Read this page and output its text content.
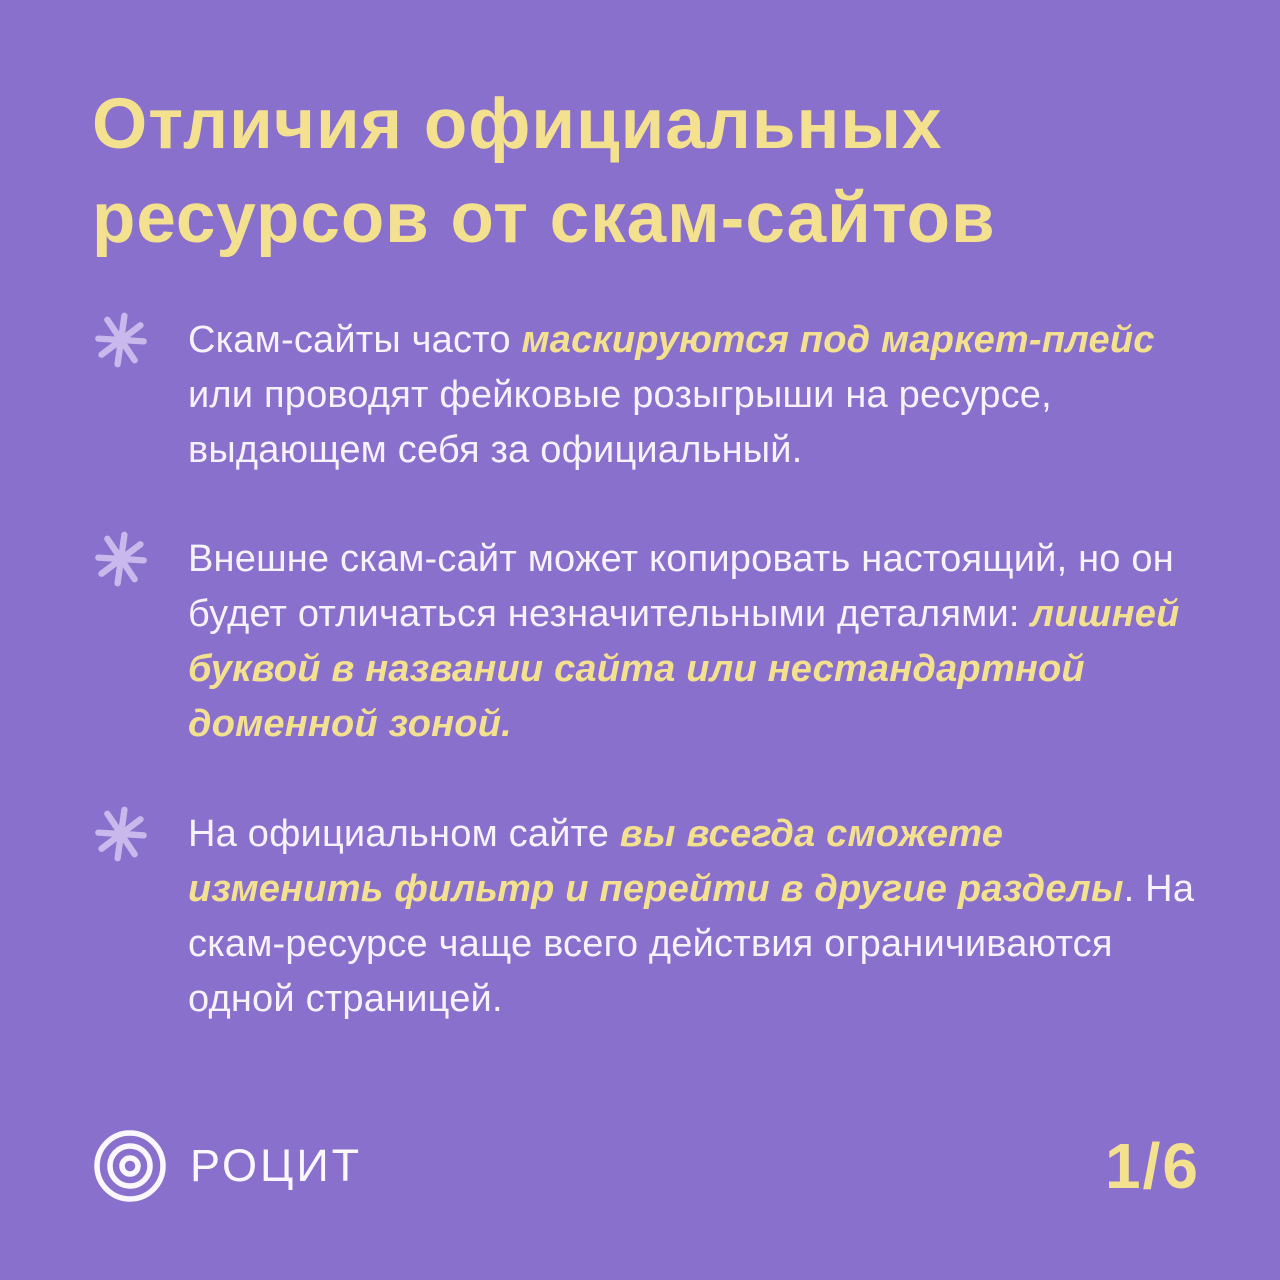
Отличия официальных
ресурсов от скам-сайтов

Скам-сайты часто маскируются под маркет-плейс или проводят фейковые розыгрыши на ресурсе, выдающем себя за официальный.

Внешне скам-сайт может копировать настоящий, но он будет отличаться незначительными деталями: лишней буквой в названии сайта или нестандартной доменной зоной.

На официальном сайте вы всегда сможете изменить фильтр и перейти в другие разделы. На скам-ресурсе чаще всего действия ограничиваются одной страницей.

РОЦИТ	1/6
